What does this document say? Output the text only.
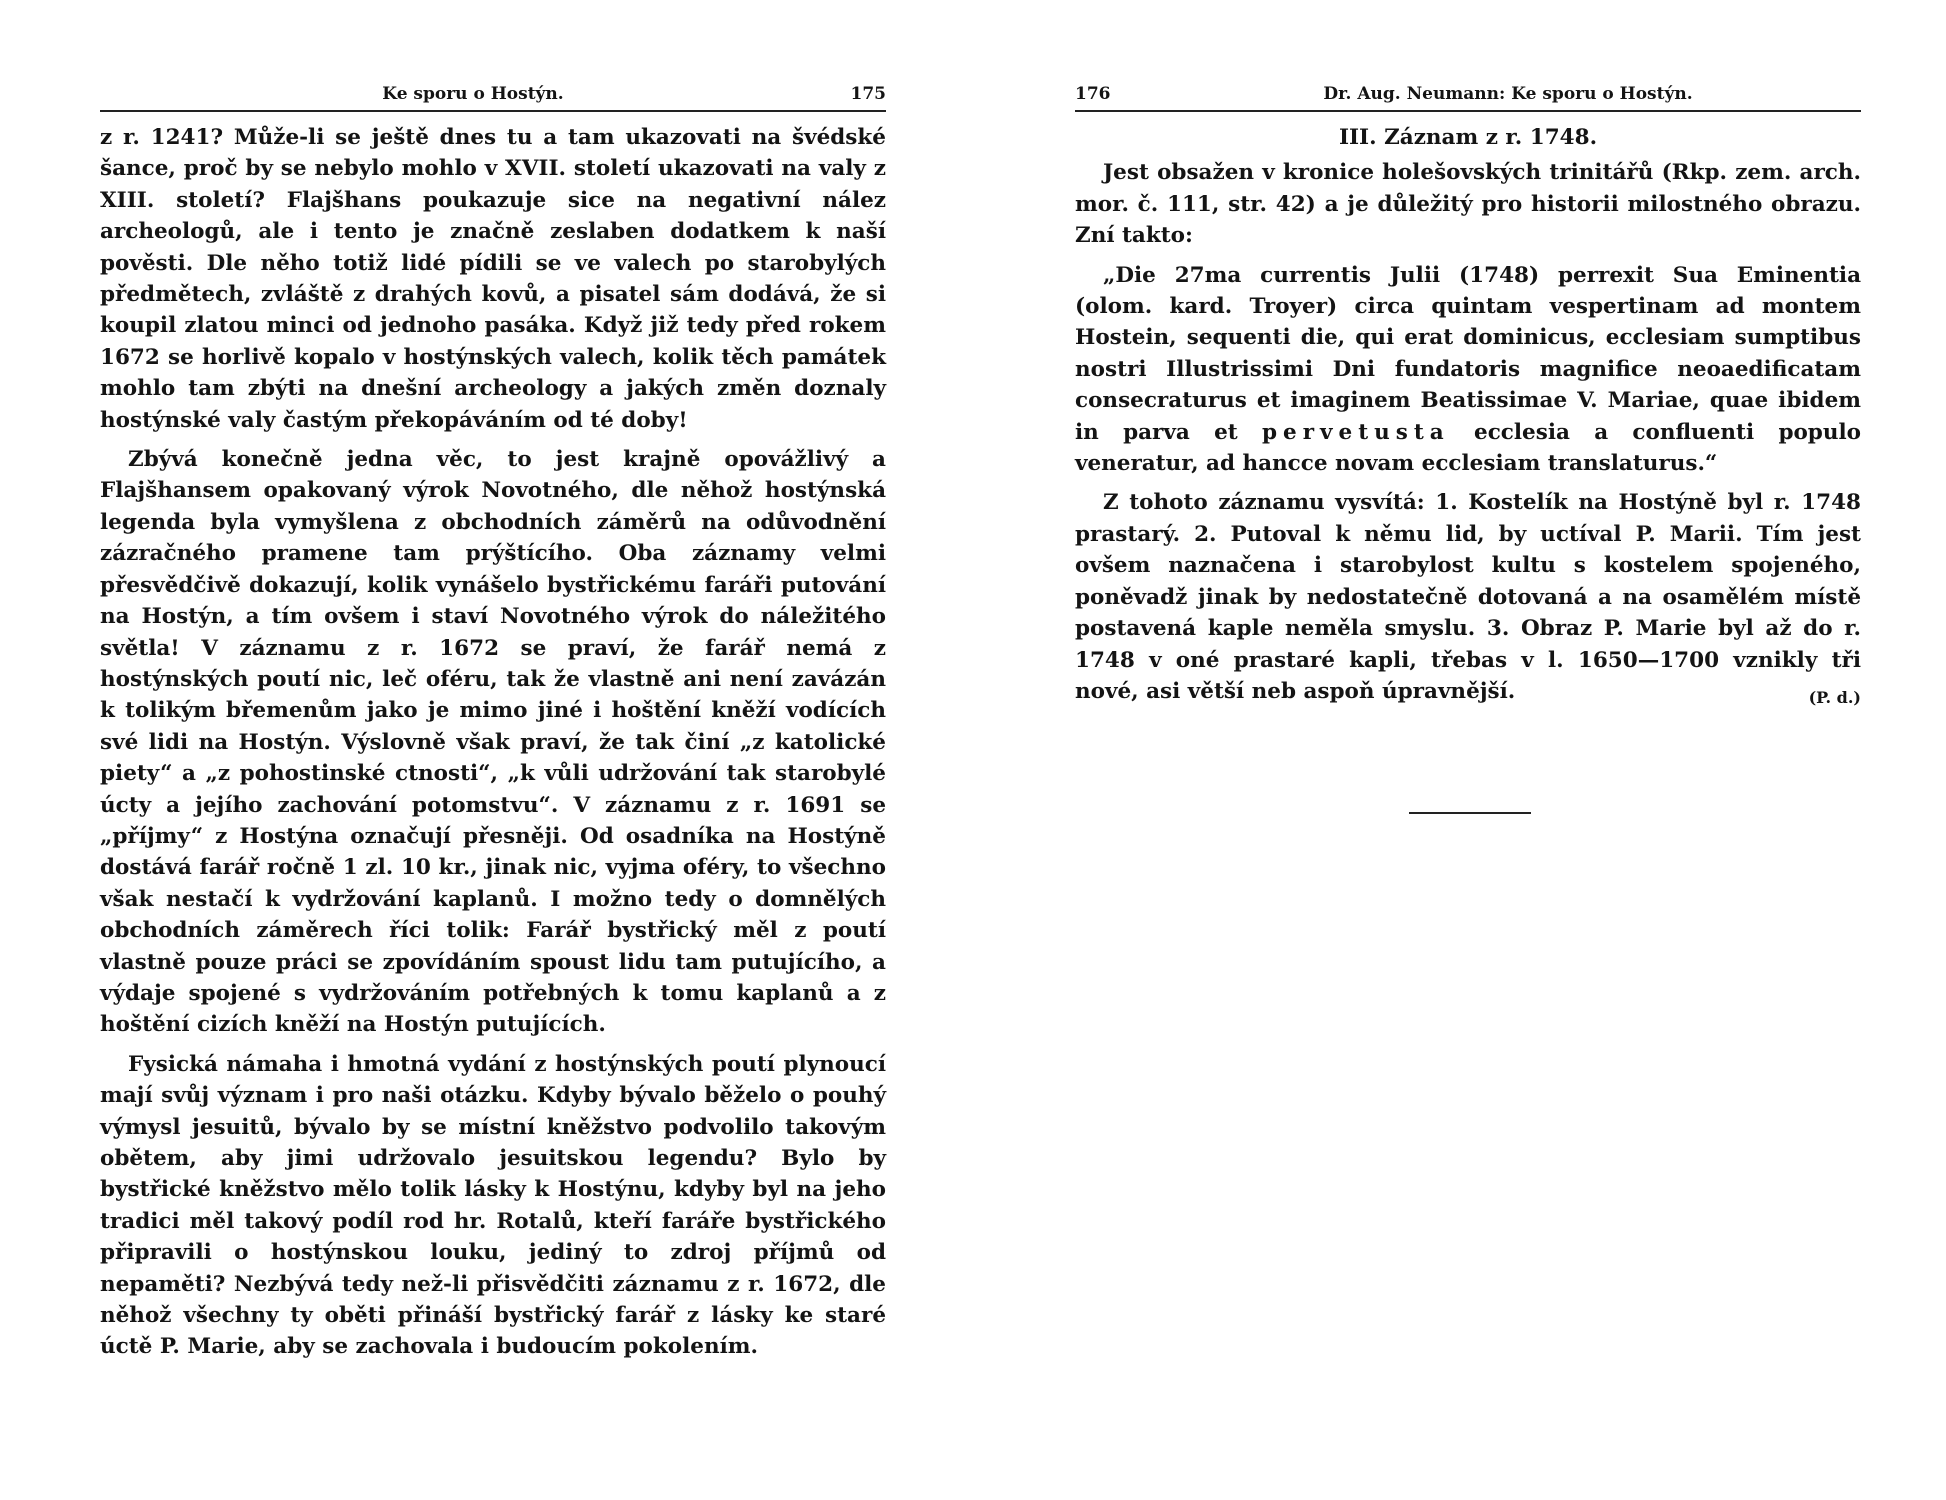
Ke sporu o Hostýn.	175

z r. 1241? Může-li se ještě dnes tu a tam ukazovati na švédské šance, proč by se nebylo mohlo v XVII. století ukazovati na valy z XIII. století? Flajšhans poukazuje sice na negativní nález archeologů, ale i tento je značně zeslaben dodatkem k naší pověsti. Dle něho totiž lidé pídili se ve valech po starobylých předmětech, zvláště z drahých kovů, a pisatel sám dodává, že si koupil zlatou minci od jednoho pasáka. Když již tedy před rokem 1672 se horlivě kopalo v hostýnských valech, kolik těch památek mohlo tam zbýti na dnešní archeology a jakých změn doznaly hostýnské valy častým překopáváním od té doby!

Zbývá konečně jedna věc, to jest krajně opovážlivý a Flajšhansem opakovaný výrok Novotného, dle něhož hostýnská legenda byla vymyšlena z obchodních záměrů na odůvodnění zázračného pramene tam prýštícího. Oba záznamy velmi přesvědčivě dokazují, kolik vynášelo bystřickému faráři putování na Hostýn, a tím ovšem i staví Novotného výrok do náležitého světla! V záznamu z r. 1672 se praví, že farář nemá z hostýnských poutí nic, leč oféru, tak že vlastně ani není zavázán k tolikým břemenům jako je mimo jiné i hoštění kněží vodících své lidi na Hostýn. Výslovně však praví, že tak činí „z katolické piety“ a „z pohostinské ctnosti“, „k vůli udržování tak starobylé úcty a jejího zachování potomstvu“. V záznamu z r. 1691 se „příjmy“ z Hostýna označují přesněji. Od osadníka na Hostýně dostává farář ročně 1 zl. 10 kr., jinak nic, vyjma oféry, to všechno však nestačí k vydržování kaplanů. I možno tedy o domnělých obchodních záměrech říci tolik: Farář bystřický měl z poutí vlastně pouze práci se zpovídáním spoust lidu tam putujícího, a výdaje spojené s vydržováním potřebných k tomu kaplanů a z hoštění cizích kněží na Hostýn putujících.

Fysická námaha i hmotná vydání z hostýnských poutí plynoucí mají svůj význam i pro naši otázku. Kdyby bývalo běželo o pouhý výmysl jesuitů, bývalo by se místní kněžstvo podvolilo takovým obětem, aby jimi udržovalo jesuitskou legendu? Bylo by bystřické kněžstvo mělo tolik lásky k Hostýnu, kdyby byl na jeho tradici měl takový podíl rod hr. Rotalů, kteří faráře bystřického připravili o hostýnskou louku, jediný to zdroj příjmů od nepaměti? Nezbývá tedy než-li přisvědčiti záznamu z r. 1672, dle něhož všechny ty oběti přináší bystřický farář z lásky ke staré úctě P. Marie, aby se zachovala i budoucím pokolením.

176	Dr. Aug. Neumann: Ke sporu o Hostýn.
III. Záznam z r. 1748.

Jest obsažen v kronice holešovských trinitářů (Rkp. zem. arch. mor. č. 111, str. 42) a je důležitý pro historii milostného obrazu. Zní takto:

„Die 27ma currentis Julii (1748) perrexit Sua Eminentia (olom. kard. Troyer) circa quintam vespertinam ad montem Hostein, sequenti die, qui erat dominicus, ecclesiam sumptibus nostri Illustrissimi Dni fundatoris magnifice neoaedificatam consecraturus et imaginem Beatissimae V. Mariae, quae ibidem in parva et pervetusta ecclesia a confluenti populo veneratur, ad hancce novam ecclesiam translaturus.“

Z tohoto záznamu vysvítá: 1. Kostelík na Hostýně byl r. 1748 prastarý. 2. Putoval k němu lid, by uctíval P. Marii. Tím jest ovšem naznačena i starobylost kultu s kostelem spojeného, poněvadž jinak by nedostatečně dotovaná a na osamělém místě postavená kaple neměla smyslu. 3. Obraz P. Marie byl až do r. 1748 v oné prastaré kapli, třebas v l. 1650—1700 vznikly tři nové, asi větší neb aspoň úpravnější.	(P. d.)
